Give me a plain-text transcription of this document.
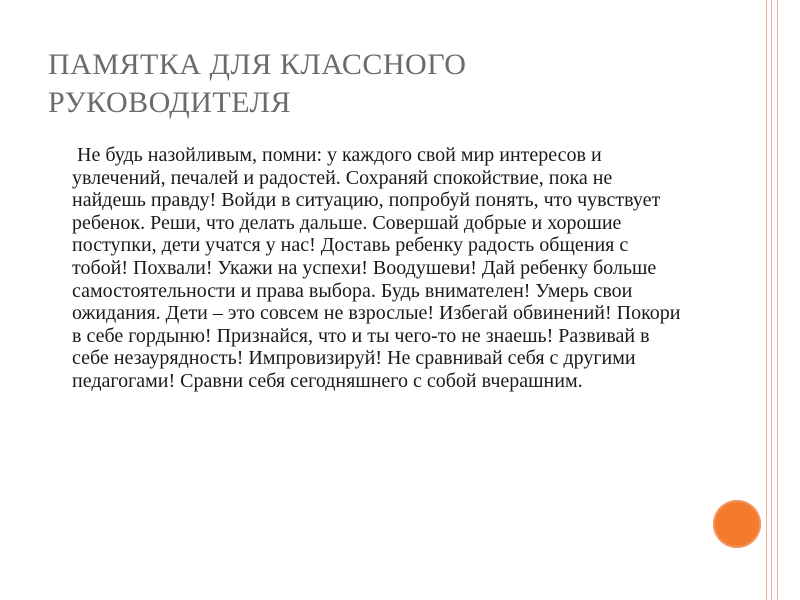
ПАМЯТКА ДЛЯ КЛАССНОГО РУКОВОДИТЕЛЯ

Не будь назойливым, помни: у каждого свой мир интересов и увлечений, печалей и радостей. Сохраняй спокойствие, пока не найдешь правду! Войди в ситуацию, попробуй понять, что чувствует ребенок. Реши, что делать дальше. Совершай добрые и хорошие поступки, дети учатся у нас! Доставь ребенку радость общения с тобой! Похвали! Укажи на успехи! Воодушеви! Дай ребенку больше самостоятельности и права выбора. Будь внимателен! Умерь свои ожидания. Дети – это совсем не взрослые! Избегай обвинений! Покори в себе гордыню! Признайся, что и ты чего-то не знаешь! Развивай в себе незаурядность! Импровизируй! Не сравнивай себя с другими педагогами! Сравни себя сегодняшнего с собой вчерашним.
